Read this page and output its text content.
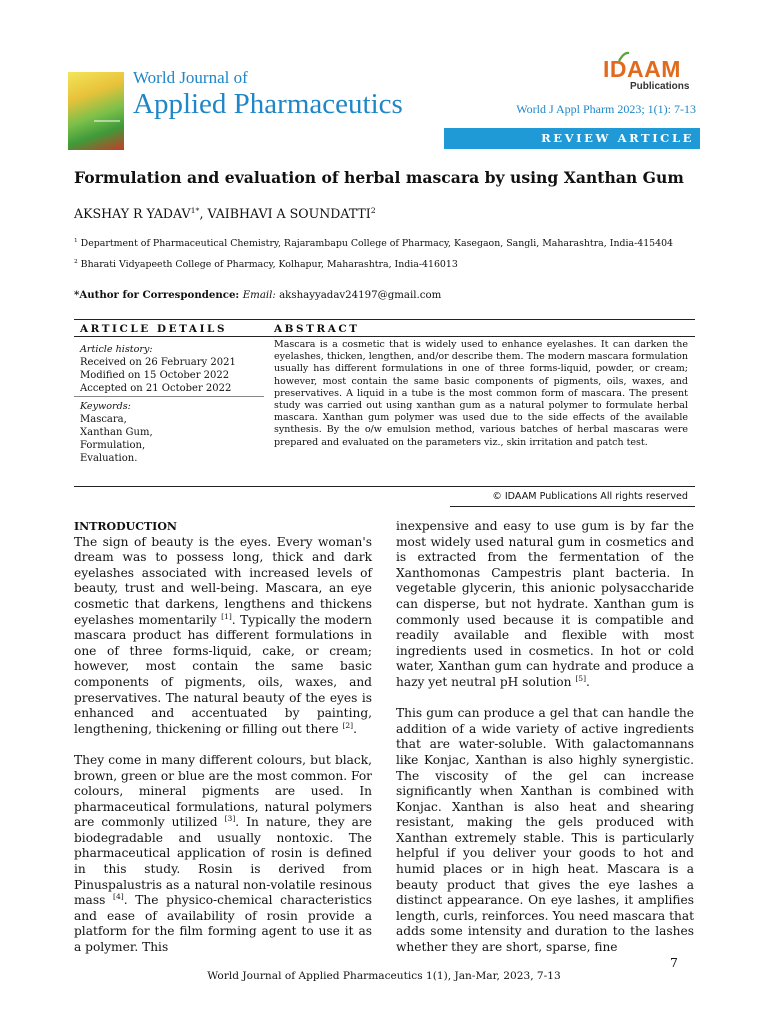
World Journal of
Applied Pharmaceutics
IDAAM
Publications
World J Appl Pharm 2023; 1(1): 7-13
REVIEW ARTICLE
Formulation and evaluation of herbal mascara by using Xanthan Gum
AKSHAY R $YADAV^{1*}$, VAIBHAVI A SOUNDATTI$^2$
$^1$ Department of Pharmaceutical Chemistry, Rajarambapu College of Pharmacy, Kasegaon, Sangli, Maharashtra, India-415404
$^2$ Bharati Vidyapeeth College of Pharmacy, Kolhapur, Maharashtra, India-416013
*Author for Correspondence: Email: akshayyadav24197@gmail.com
ARTICLE DETAILS	ABSTRACT
Article history:
Received on 26 February 2021
Modified on 15 October 2022
Accepted on 21 October 2022
Keywords:
Mascara,
Xanthan Gum,
Formulation,
Evaluation.
Mascara is a cosmetic that is widely used to enhance eyelashes. It can darken the eyelashes, thicken, lengthen, and/or describe them. The modern mascara formulation usually has different formulations in one of three forms-liquid, powder, or cream; however, most contain the same basic components of pigments, oils, waxes, and preservatives. A liquid in a tube is the most common form of mascara. The present study was carried out using xanthan gum as a natural polymer to formulate herbal mascara. Xanthan gum polymer was used due to the side effects of the available synthesis. By the o/w emulsion method, various batches of herbal mascaras were prepared and evaluated on the parameters viz., skin irritation and patch test.
© IDAAM Publications All rights reserved
INTRODUCTION

The sign of beauty is the eyes. Every woman's dream was to possess long, thick and dark eyelashes associated with increased levels of beauty, trust and well-being. Mascara, an eye cosmetic that darkens, lengthens and thickens eyelashes momentarily [1]. Typically the modern mascara product has different formulations in one of three forms-liquid, cake, or cream; however, most contain the same basic components of pigments, oils, waxes, and preservatives. The natural beauty of the eyes is enhanced and accentuated by painting, lengthening, thickening or filling out there [2].

They come in many different colours, but black, brown, green or blue are the most common. For colours, mineral pigments are used. In pharmaceutical formulations, natural polymers are commonly utilized [3]. In nature, they are biodegradable and usually nontoxic. The pharmaceutical application of rosin is defined in this study. Rosin is derived from Pinuspalustris as a natural non-volatile resinous mass [4]. The physico-chemical characteristics and ease of availability of rosin provide a platform for the film forming agent to use it as a polymer. This

inexpensive and easy to use gum is by far the most widely used natural gum in cosmetics and is extracted from the fermentation of the Xanthomonas Campestris plant bacteria. In vegetable glycerin, this anionic polysaccharide can disperse, but not hydrate. Xanthan gum is commonly used because it is compatible and readily available and flexible with most ingredients used in cosmetics. In hot or cold water, Xanthan gum can hydrate and produce a hazy yet neutral pH solution [5].

This gum can produce a gel that can handle the addition of a wide variety of active ingredients that are water-soluble. With galactomannans like Konjac, Xanthan is also highly synergistic. The viscosity of the gel can increase significantly when Xanthan is combined with Konjac. Xanthan is also heat and shearing resistant, making the gels produced with Xanthan extremely stable. This is particularly helpful if you deliver your goods to hot and humid places or in high heat. Mascara is a beauty product that gives the eye lashes a distinct appearance. On eye lashes, it amplifies length, curls, reinforces. You need mascara that adds some intensity and duration to the lashes whether they are short, sparse, fine

7
World Journal of Applied Pharmaceutics 1(1), Jan-Mar, 2023, 7-13
